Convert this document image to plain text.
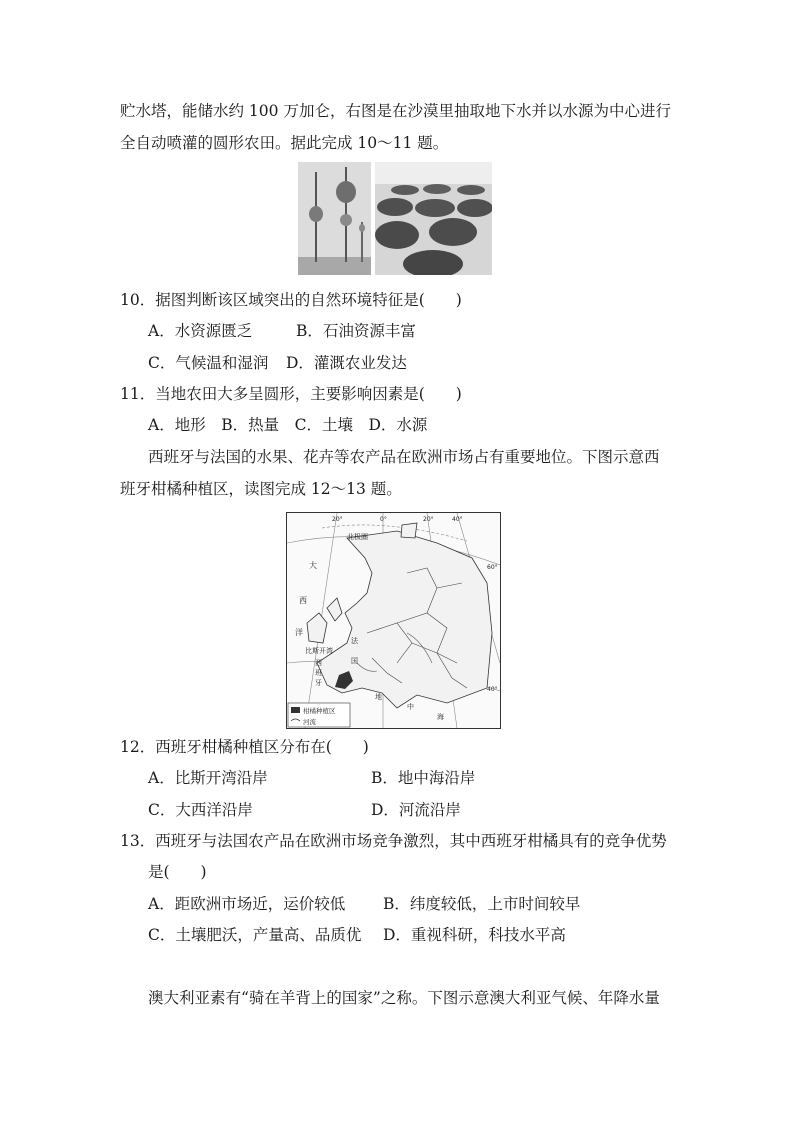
贮水塔，能储水约 100 万加仑，右图是在沙漠里抽取地下水并以水源为中心进行
全自动喷灌的圆形农田。据此完成 10～11 题。
10．据图判断该区域突出的自然环境特征是(　　)
A．水资源匮乏	B．石油资源丰富
C．气候温和湿润 D．灌溉农业发达
11．当地农田大多呈圆形，主要影响因素是(　　)
A．地形　B．热量　C．土壤　D．水源
西班牙与法国的水果、花卉等农产品在欧洲市场占有重要地位。下图示意西
班牙柑橘种植区，读图完成 12～13 题。
20°	0°	20°	40°
60°
40°
北极圈
大
西
洋
比斯开湾
西
班
牙
法
国
地
中
海
柑橘种植区
河流
12．西班牙柑橘种植区分布在(　　)
A．比斯开湾沿岸	B．地中海沿岸
C．大西洋沿岸	D．河流沿岸
13．西班牙与法国农产品在欧洲市场竞争激烈，其中西班牙柑橘具有的竞争优势
是(　　)
A．距欧洲市场近，运价较低 B．纬度较低，上市时间较早
C．土壤肥沃，产量高、品质优 D．重视科研，科技水平高
澳大利亚素有“骑在羊背上的国家”之称。下图示意澳大利亚气候、年降水量
